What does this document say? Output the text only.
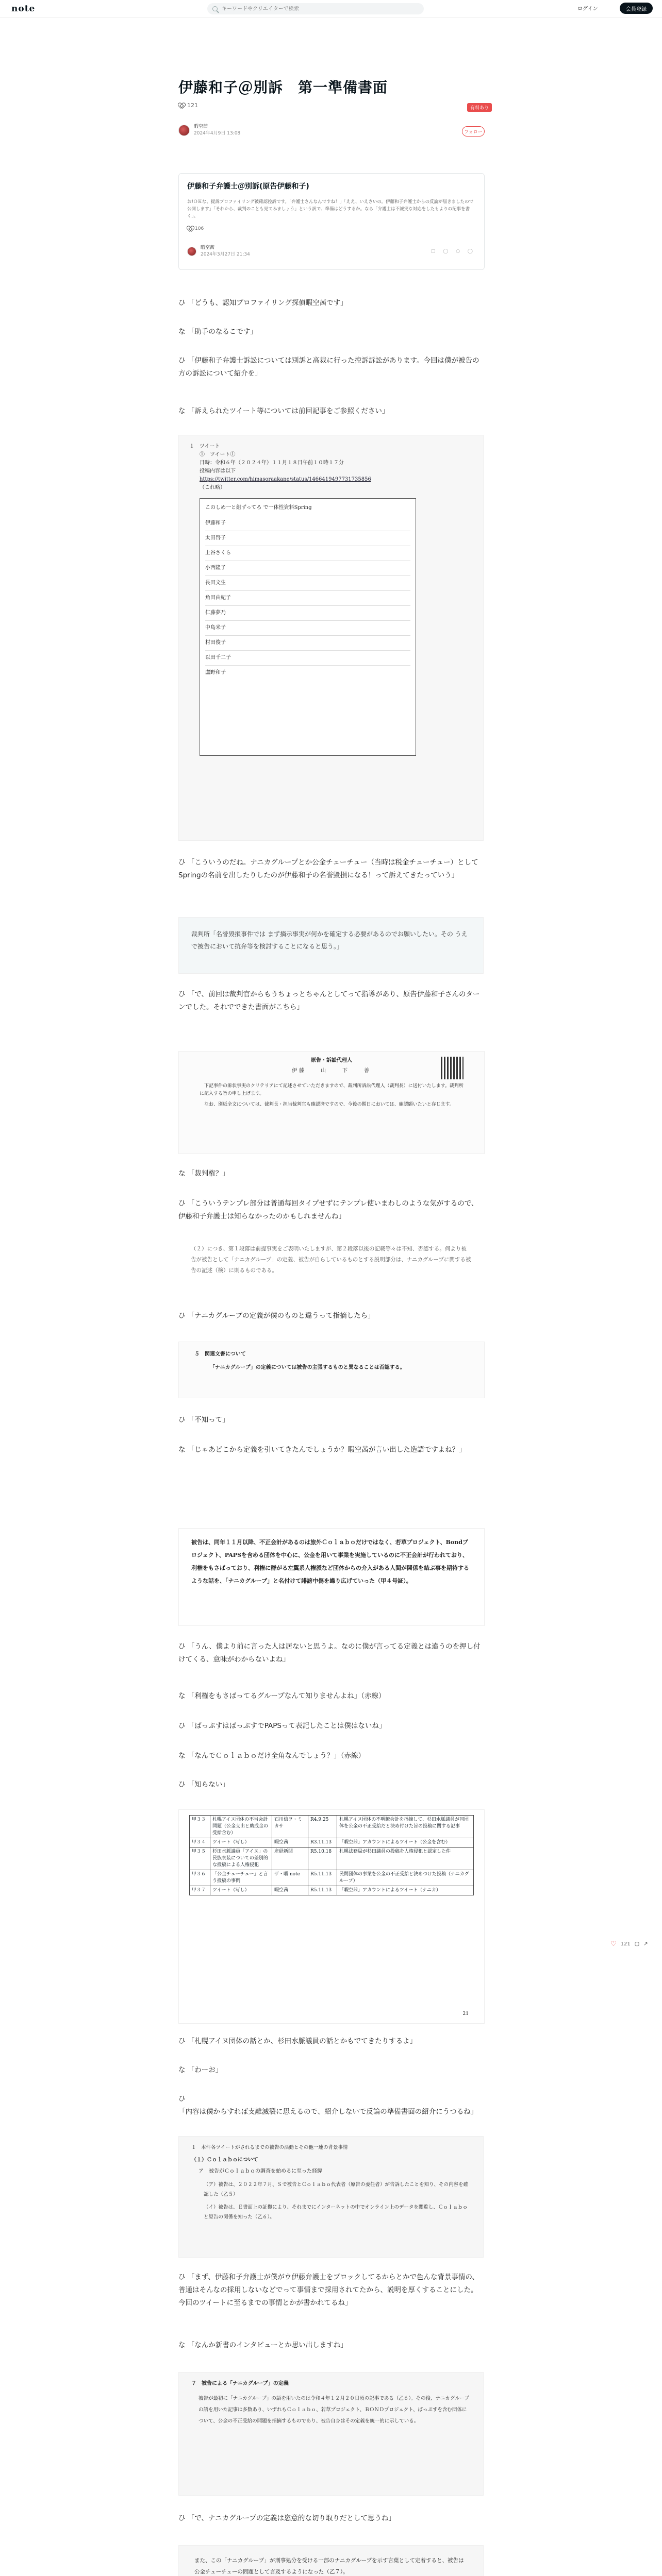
note
キーワードやクリエイターで検索	ログイン	会員登録
伊藤和子＠別訴　第一準備書面
121	有料あり
暇空茜
2024年4月9日 13:08	フォロー
伊藤和子弁護士＠別訴(原告伊藤和子)
お!ＯＫな、提訴プロファイリング被確認控訴です。「弁護士さんなんですね！」「ええ、いえさいの。伊藤和子弁護士からの反論が届きましたので公開します」「それから、裁判のことも見てみましょう」という訳で、準備はどうするか。なら「弁護士は不誠実な対応をしたもよりの記事を書く」。
106
暇空茜
2024年3月27日 21:34
□ ◯ ○ ◯
ひ 「どうも、認知プロファイリング探偵暇空茜です」
な 「助手のなるこです」
ひ 「伊藤和子弁護士訴訟については別訴と高裁に行った控訴訴訟があります。今回は僕が被告の方の訴訟について紹介を」
な 「訴えられたツイート等については前回記事をご参照ください」
１　ツイート
①　ツイート①
日時：令和６年（２０２４年）１１月１８日午前１０時１７分
投稿内容は以下
https://twitter.com/himasoraakane/status/1466419497731735856
（これ略）
このしめ一と組ずってろ で一体性資料Spring
伊藤和子
太田啓子
上谷さくら
小西隆子
長田文生
角田由紀子
仁藤夢乃
中島米子
村田俊子
以田千二子
盧野和子
ひ 「こういうのだね。ナニカグループとか公金チューチュー（当時は税金チューチュー）としてSpringの名前を出したりしたのが伊藤和子の名誉毀損になる！って訴えてきたっていう」
裁判所「名誉毀損事件では まず摘示事実が何かを確定する必要があるのでお願いしたい。その うえで被告において抗弁等を検討することになると思う。」
ひ 「で、前回は裁判官からもうちょっとちゃんとしてって指導があり、原告伊藤和子さんのターンでした。それでできた書面がこちら」
原告・訴訟代理人
伊藤　　山　　下　　善
　下記事件の訴状事実のクリテリアにて記述させていただきますので、裁判所訴訟代理人（裁判長）に送付いたします。裁判所に記入する旨の申し上げます。
　なお、別紙全文については、裁判長・担当裁判官も確認済ですので、今後の期日においては、確認願いたいと存じます。
な 「裁判権？」
ひ 「こういうテンプレ部分は普通毎回タイプせずにテンプレ使いまわしのような気がするので、伊藤和子弁護士は知らなかったのかもしれませんね」
（２）につき、第１段落は前提事実をご表明いたしますが、第２段落以後の記載等々は不知、否認する。何より被告が被告として「ナニカグループ」の定義、被告が自らしているものとする説明部分は、ナニカグループに関する被告の記述（検）に則るものである。
ひ 「ナニカグループの定義が僕のものと違うって指摘したら」
５　関連文書について
「ナニカグループ」の定義については被告の主張するものと異なることは否認する。
ひ 「不知って」
な 「じゃあどこから定義を引いてきたんでしょうか？暇空茜が言い出した造語ですよね？」
被告は、同年１１月以降、不正会計があるのは旅外Ｃｏｌａｂｏだけではなく、若草プロジェクト、Bondプロジェクト、PAPSを含める団体を中心に、公金を用いて事業を実施しているのに不正会計が行われており、利権をもさばっており、利権に群がる左翼系人権派など団体からの介入がある人間が関係を結ぶ事を期待するような話を、「ナニカグループ」と名付けて誹謗中傷を繰り広げていった（甲４号証）。
ひ 「うん、僕より前に言った人は居ないと思うよ。なのに僕が言ってる定義とは違うのを押し付けてくる、意味がわからないよね」
な 「利権をもさばってるグループなんて知りませんよね」（赤線）
ひ 「ぱっぷすはばっぷすでPAPSって表記したことは僕はないね」
な 「なんでＣｏｌａｂｏだけ全角なんでしょう？」（赤線）
ひ 「知らない」
甲３３	札幌アイヌ団体の不当会計問題（公金支出と助成金の受給含む）	石川信ヲ・ミカサ	R4.9.25	札幌アイヌ団体の不明瞭会計を指摘して、杉田水脈議員が同団体を公金の不正受給だと決め付けた旨の投稿に関する記事
甲３４	ツイート（写し）	暇空茜	R3.11.13	「暇空茜」アカウントによるツイート（公金を含む）
甲３５	杉田水脈議員「アイヌ」の民族衣装についての差別的な投稿による人権侵犯	産経新聞	R5.10.18	札幌法務局が杉田議員の投稿を人権侵犯と認定した件
甲３６	「公金チューチュー」と言う投稿の事例	ザ・暇 note	R5.11.13	民間団体の事業を公金の不正受給と決めつけた投稿（ナニカグループ）
甲３７	ツイート（写し）	暇空茜	R5.11.13	「暇空茜」アカウントによるツイート（ナニカ）
21
♡ 121 ▢ ↗
ひ 「札幌アイヌ団体の話とか、杉田水脈議員の話とかもでてきたりするよ」
な 「わーお」
ひ 「内容は僕からすれば支離滅裂に思えるので、紹介しないで反論の準備書面の紹介にうつるね」
１　本件各ツイートがされるまでの被告の活動とその他一連の背景事情
（１）Ｃｏｌａｂｏについて
ア　被告がＣｏｌａｂｏの調査を始めるに至った経緯
（ア）被告は、２０２２年７月、Ｓで被告とＣｏｌａｂｏ代表者（原告の委任者）が告訴したことを知り、その内容を確認した（乙５）
（イ）被告は、Ｅ書面上の証拠により、それまでにインターネットの中でオンライン上のデータを閲覧し、Ｃｏｌａｂｏと原告の関係を知った（乙６）。
ひ 「まず、伊藤和子弁護士が僕がウ伊藤弁護士をブロックしてるからとかで色んな背景事情の、普通はそんなの採用しないなどでって事情まで採用されてたから、説明を厚くすることにした。今回のツイートに至るまでの事情とかが書かれてるね」
な 「なんか新書のインタビューとか思い出しますね」
７　被告による「ナニカグループ」の定義
被告が最初に「ナニカグループ」の語を用いたのは令和４年１２月２０日頃の記事である（乙６）。その後、ナニカグループの語を用いた記事は多数あり、いずれもＣｏｌａｂｏ、若草プロジェクト、ＢＯＮＤプロジェクト、ぱっぷすを含む団体について、公金の不正受給の問題を指摘するものであり、被告自身はその定義を統一的に示している。
ひ 「で、ナニカグループの定義は恣意的な切り取りだとして思うね」
また、この「ナニカグループ」が刑事処分を受ける一部のナニカグループを示す言葉として定着すると、被告は公金チューチューの問題として言及するようになった（乙７）。
